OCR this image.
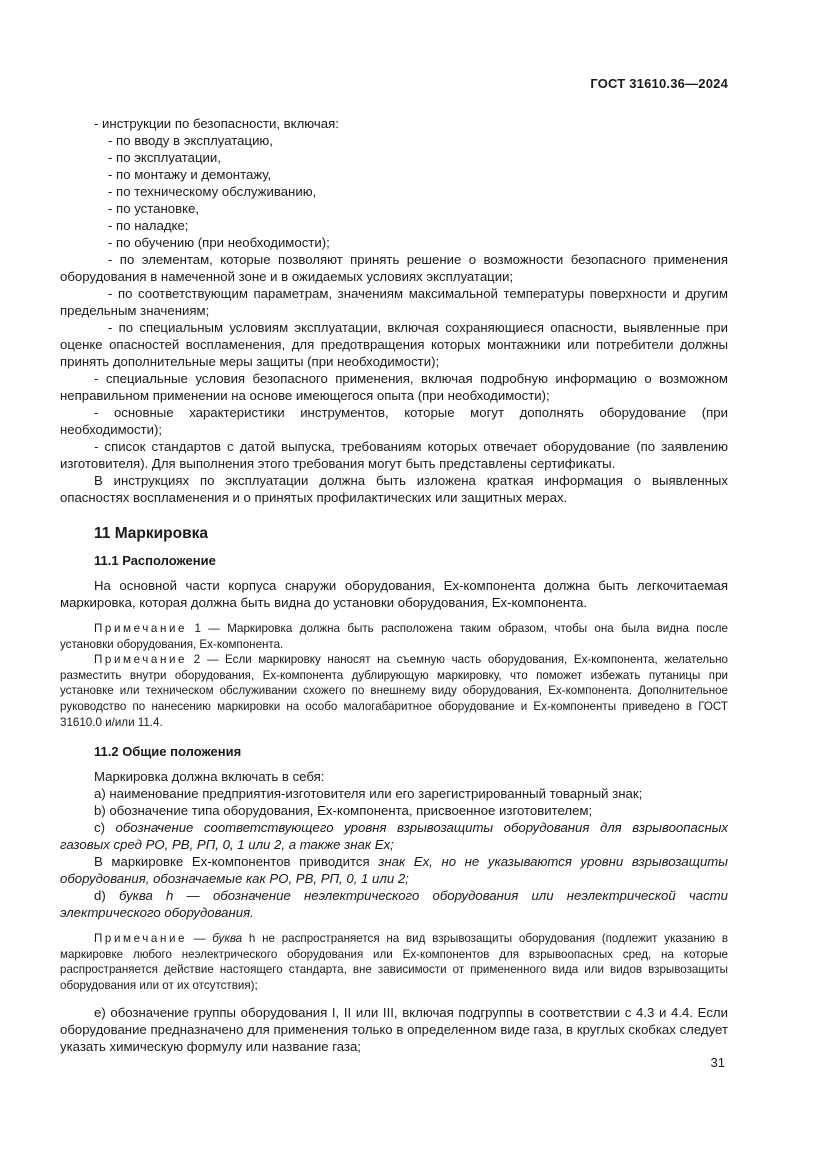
ГОСТ 31610.36—2024

- инструкции по безопасности, включая:

- по вводу в эксплуатацию,

- по эксплуатации,

- по монтажу и демонтажу,

- по техническому обслуживанию,

- по установке,

- по наладке;

- по обучению (при необходимости);

- по элементам, которые позволяют принять решение о возможности безопасного применения оборудования в намеченной зоне и в ожидаемых условиях эксплуатации;

- по соответствующим параметрам, значениям максимальной температуры поверхности и другим предельным значениям;

- по специальным условиям эксплуатации, включая сохраняющиеся опасности, выявленные при оценке опасностей воспламенения, для предотвращения которых монтажники или потребители должны принять дополнительные меры защиты (при необходимости);

- специальные условия безопасного применения, включая подробную информацию о возможном неправильном применении на основе имеющегося опыта (при необходимости);

- основные характеристики инструментов, которые могут дополнять оборудование (при необходимости);

- список стандартов с датой выпуска, требованиям которых отвечает оборудование (по заявлению изготовителя). Для выполнения этого требования могут быть представлены сертификаты.

В инструкциях по эксплуатации должна быть изложена краткая информация о выявленных опасностях воспламенения и о принятых профилактических или защитных мерах.

11 Маркировка
11.1 Расположение

На основной части корпуса снаружи оборудования, Ex-компонента должна быть легкочитаемая маркировка, которая должна быть видна до установки оборудования, Ex-компонента.

Примечание 1 — Маркировка должна быть расположена таким образом, чтобы она была видна после установки оборудования, Ex-компонента.

Примечание 2 — Если маркировку наносят на съемную часть оборудования, Ex-компонента, желательно разместить внутри оборудования, Ex-компонента дублирующую маркировку, что поможет избежать путаницы при установке или техническом обслуживании схожего по внешнему виду оборудования, Ex-компонента. Дополнительное руководство по нанесению маркировки на особо малогабаритное оборудование и Ex-компоненты приведено в ГОСТ 31610.0 и/или 11.4.

11.2 Общие положения

Маркировка должна включать в себя:

a) наименование предприятия-изготовителя или его зарегистрированный товарный знак;

b) обозначение типа оборудования, Ex-компонента, присвоенное изготовителем;

c) обозначение соответствующего уровня взрывозащиты оборудования для взрывоопасных газовых сред РО, РВ, РП, 0, 1 или 2, а также знак Ex;

В маркировке Ex-компонентов приводится знак Ex, но не указываются уровни взрывозащиты оборудования, обозначаемые как РО, РВ, РП, 0, 1 или 2;

d) буква h — обозначение неэлектрического оборудования или неэлектрической части электрического оборудования.

Примечание — буква h не распространяется на вид взрывозащиты оборудования (подлежит указанию в маркировке любого неэлектрического оборудования или Ex-компонентов для взрывоопасных сред, на которые распространяется действие настоящего стандарта, вне зависимости от примененного вида или видов взрывозащиты оборудования или от их отсутствия);

e) обозначение группы оборудования I, II или III, включая подгруппы в соответствии с 4.3 и 4.4. Если оборудование предназначено для применения только в определенном виде газа, в круглых скобках следует указать химическую формулу или название газа;

31
